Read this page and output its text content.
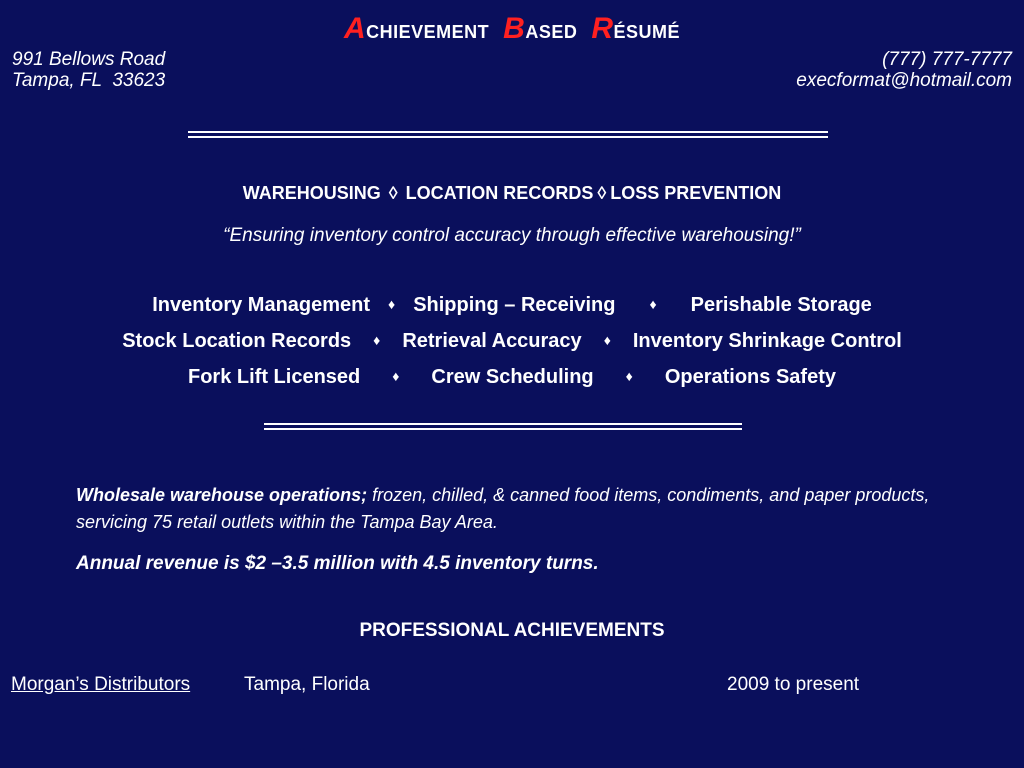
ACHIEVEMENT BASED RÉSUMÉ
991 Bellows Road
Tampa, FL  33623
(777) 777-7777
execformat@hotmail.com
WAREHOUSING ◊ LOCATION RECORDS ◊ LOSS PREVENTION
“Ensuring inventory control accuracy through effective warehousing!”
Inventory Management ♦ Shipping – Receiving ♦ Perishable Storage
Stock Location Records ♦ Retrieval Accuracy ♦ Inventory Shrinkage Control
Fork Lift Licensed ♦ Crew Scheduling ♦ Operations Safety
Wholesale warehouse operations; frozen, chilled, & canned food items, condiments, and paper products, servicing 75 retail outlets within the Tampa Bay Area.
Annual revenue is $2 –3.5 million with 4.5 inventory turns.
PROFESSIONAL ACHIEVEMENTS
Morgan’s Distributors	Tampa, Florida	2009 to present
